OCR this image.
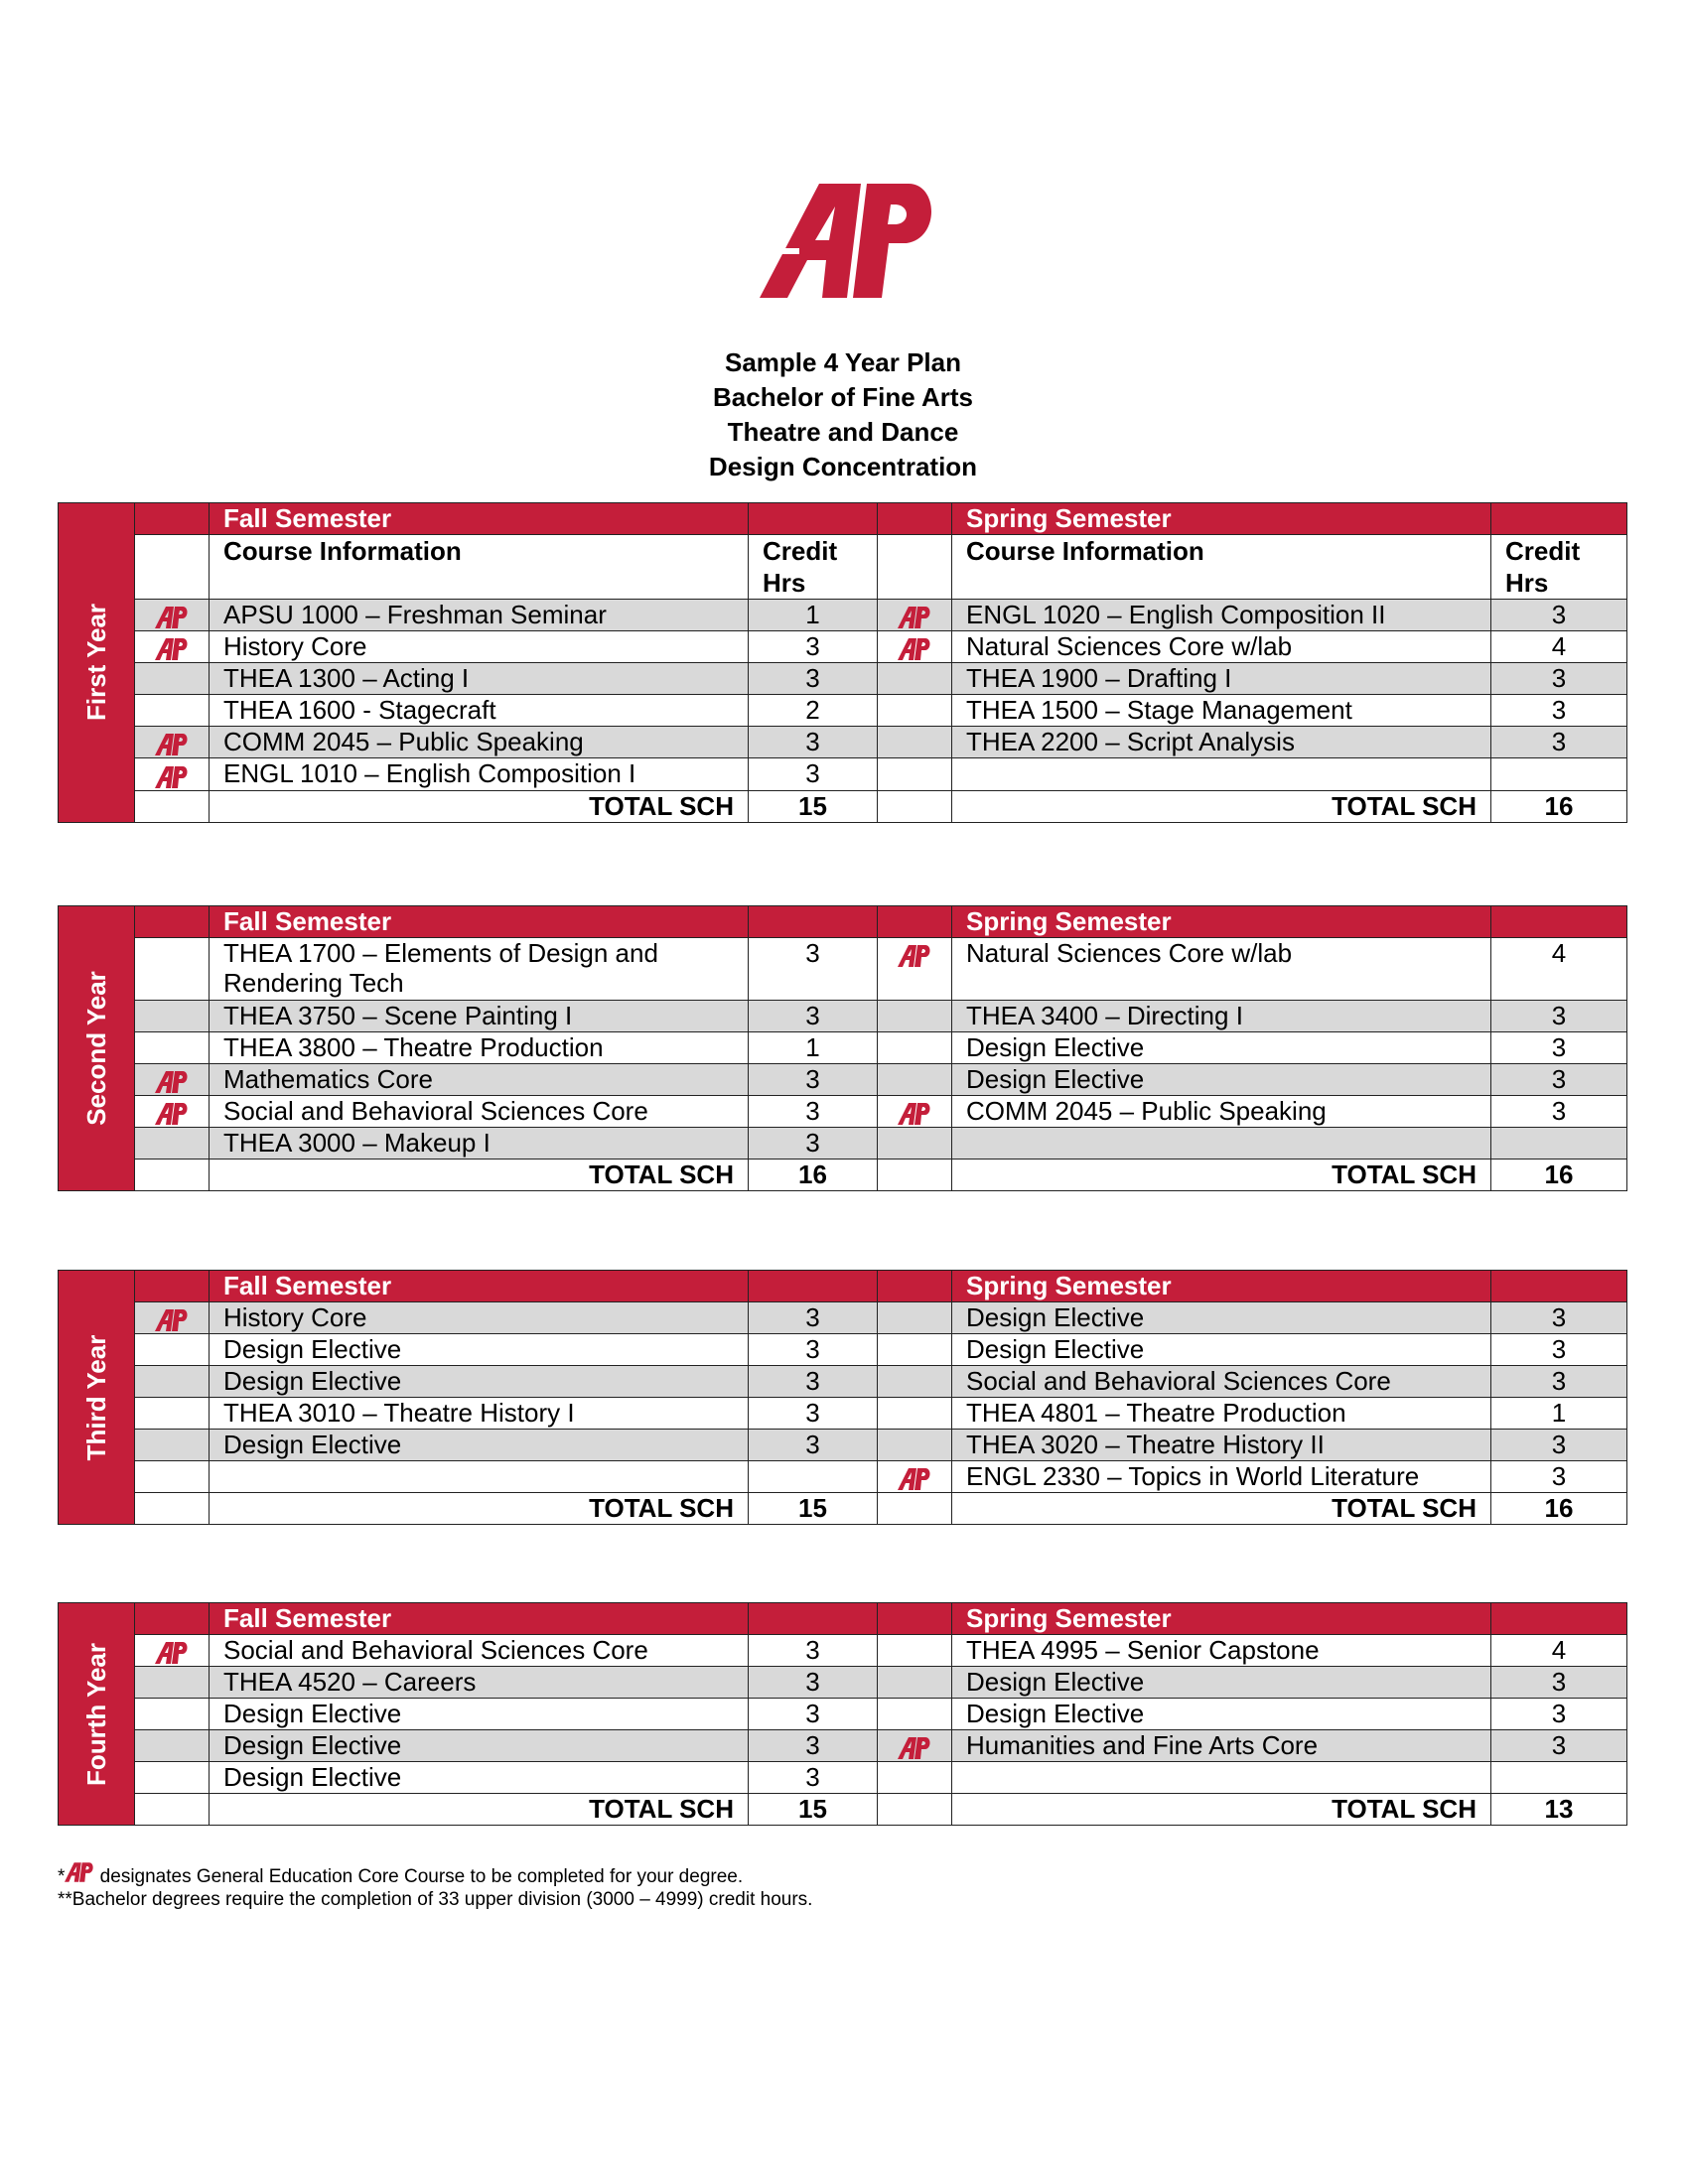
Sample 4 Year Plan
Bachelor of Fine Arts
Theatre and Dance
Design Concentration
First Year		Fall Semester			Spring Semester	
		Course Information	Credit Hrs		Course Information	Credit Hrs
	APSU 1000 – Freshman Seminar	1		ENGL 1020 – English Composition II	3
	History Core	3		Natural Sciences Core w/lab	4
		THEA 1300 – Acting I	3		THEA 1900 – Drafting I	3
		THEA 1600 - Stagecraft	2		THEA 1500 – Stage Management	3
	COMM 2045 – Public Speaking	3		THEA 2200 – Script Analysis	3
	ENGL 1010 – English Composition I	3			
		TOTAL SCH	15		TOTAL SCH	16
Second Year		Fall Semester			Spring Semester	
		THEA 1700 – Elements of Design and Rendering Tech	3		Natural Sciences Core w/lab	4
		THEA 3750 – Scene Painting I	3		THEA 3400 – Directing I	3
		THEA 3800 – Theatre Production	1		Design Elective	3
	Mathematics Core	3		Design Elective	3
	Social and Behavioral Sciences Core	3		COMM 2045 – Public Speaking	3
		THEA 3000 – Makeup I	3			
		TOTAL SCH	16		TOTAL SCH	16
Third Year		Fall Semester			Spring Semester	
	History Core	3		Design Elective	3
		Design Elective	3		Design Elective	3
		Design Elective	3		Social and Behavioral Sciences Core	3
		THEA 3010 – Theatre History I	3		THEA 4801 – Theatre Production	1
		Design Elective	3		THEA 3020 – Theatre History II	3
				ENGL 2330 – Topics in World Literature	3
		TOTAL SCH	15		TOTAL SCH	16
Fourth Year		Fall Semester			Spring Semester	
	Social and Behavioral Sciences Core	3		THEA 4995 – Senior Capstone	4
		THEA 4520 – Careers	3		Design Elective	3
		Design Elective	3		Design Elective	3
		Design Elective	3		Humanities and Fine Arts Core	3
		Design Elective	3			
		TOTAL SCH	15		TOTAL SCH	13
* designates General Education Core Course to be completed for your degree.
**Bachelor degrees require the completion of 33 upper division (3000 – 4999) credit hours.
